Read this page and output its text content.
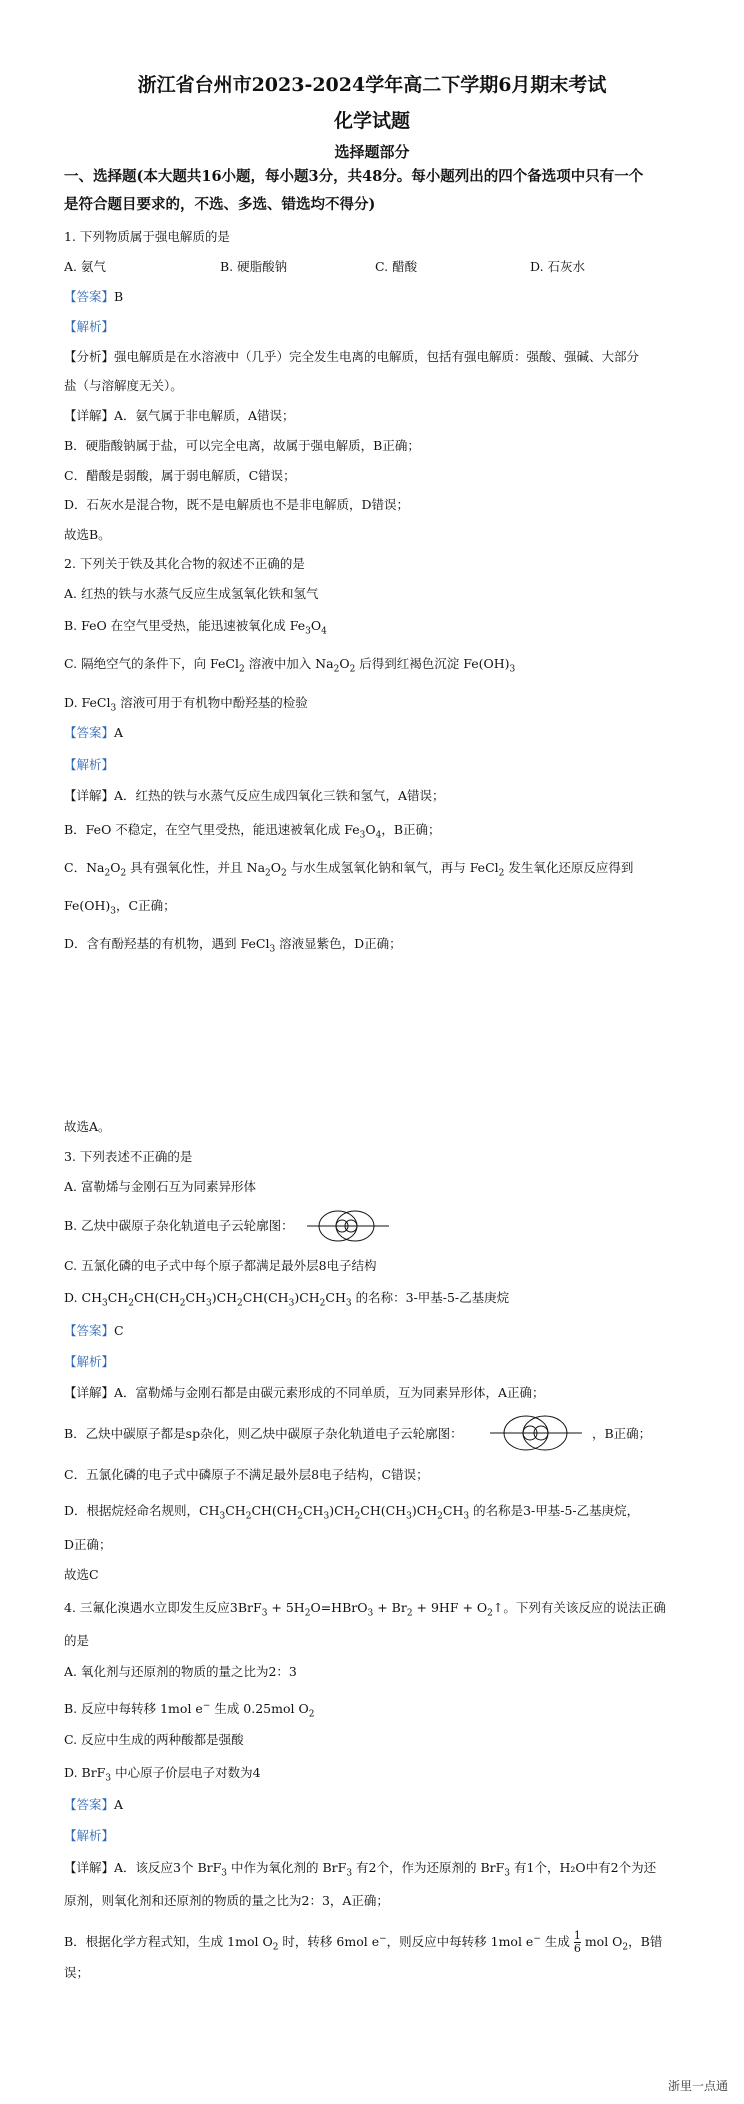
浙江省台州市2023-2024学年高二下学期6月期末考试
化学试题
选择题部分
一、选择题(本大题共16小题，每小题3分，共48分。每小题列出的四个备选项中只有一个
是符合题目要求的，不选、多选、错选均不得分)
1. 下列物质属于强电解质的是
A. 氨气	B. 硬脂酸钠	C. 醋酸	D. 石灰水
【答案】B
【解析】
【分析】强电解质是在水溶液中（几乎）完全发生电离的电解质，包括有强电解质：强酸、强碱、大部分
盐（与溶解度无关）。
【详解】A．氨气属于非电解质，A错误；
B．硬脂酸钠属于盐，可以完全电离，故属于强电解质，B正确；
C．醋酸是弱酸，属于弱电解质，C错误；
D．石灰水是混合物，既不是电解质也不是非电解质，D错误；
故选B。
2. 下列关于铁及其化合物的叙述不正确的是
A. 红热的铁与水蒸气反应生成氢氧化铁和氢气
B. FeO 在空气里受热，能迅速被氧化成 $Fe_3O_4$
C. 隔绝空气的条件下，向 FeCl$_2$ 溶液中加入 $Na_2O_2$ 后得到红褐色沉淀 $Fe(OH)_3$
D. FeCl$_3$ 溶液可用于有机物中酚羟基的检验
【答案】A
【解析】
【详解】A．红热的铁与水蒸气反应生成四氧化三铁和氢气，A错误；
B．FeO 不稳定，在空气里受热，能迅速被氧化成 $Fe_3O_4$，B正确；
C．$Na_2O_2$ 具有强氧化性，并且 $Na_2O_2$ 与水生成氢氧化钠和氧气，再与 FeCl$_2$ 发生氧化还原反应得到
$Fe(OH)_3$，C正确；
D．含有酚羟基的有机物，遇到 FeCl$_3$ 溶液显紫色，D正确；
故选A。
3. 下列表述不正确的是
A. 富勒烯与金刚石互为同素异形体
B. 乙炔中碳原子杂化轨道电子云轮廓图：
C. 五氯化磷的电子式中每个原子都满足最外层8电子结构
D. $CH_3CH_2CH(CH_2CH_3)CH_2CH(CH_3)CH_2CH_3$ 的名称：3-甲基-5-乙基庚烷
【答案】C
【解析】
【详解】A．富勒烯与金刚石都是由碳元素形成的不同单质，互为同素异形体，A正确；
B．乙炔中碳原子都是sp杂化，则乙炔中碳原子杂化轨道电子云轮廓图：	，B正确；
C．五氯化磷的电子式中磷原子不满足最外层8电子结构，C错误；
D．根据烷烃命名规则，$CH_3CH_2CH(CH_2CH_3)CH_2CH(CH_3)CH_2CH_3$ 的名称是3-甲基-5-乙基庚烷，
D正确；
故选C
4. 三氟化溴遇水立即发生反应$3BrF_3 + 5H_2O=HBrO_3 + Br_2 + 9HF$ + $O_2↑$。下列有关该反应的说法正确
的是
A. 氧化剂与还原剂的物质的量之比为2：3
B. 反应中每转移 1mol e− 生成 0.25mol $O_2$
C. 反应中生成的两种酸都是强酸
D. BrF$_3$ 中心原子价层电子对数为4
【答案】A
【解析】
【详解】A．该反应3个 BrF$_3$ 中作为氧化剂的 BrF$_3$ 有2个，作为还原剂的 BrF$_3$ 有1个，H₂O中有2个为还
原剂，则氧化剂和还原剂的物质的量之比为2：3，A正确；
B．根据化学方程式知，生成 1mol $O_2$ 时，转移 6mol e−，则反应中每转移 1mol e− 生成 $\frac{1}{6}$ mol $O_2$，B错
误；
浙里一点通
